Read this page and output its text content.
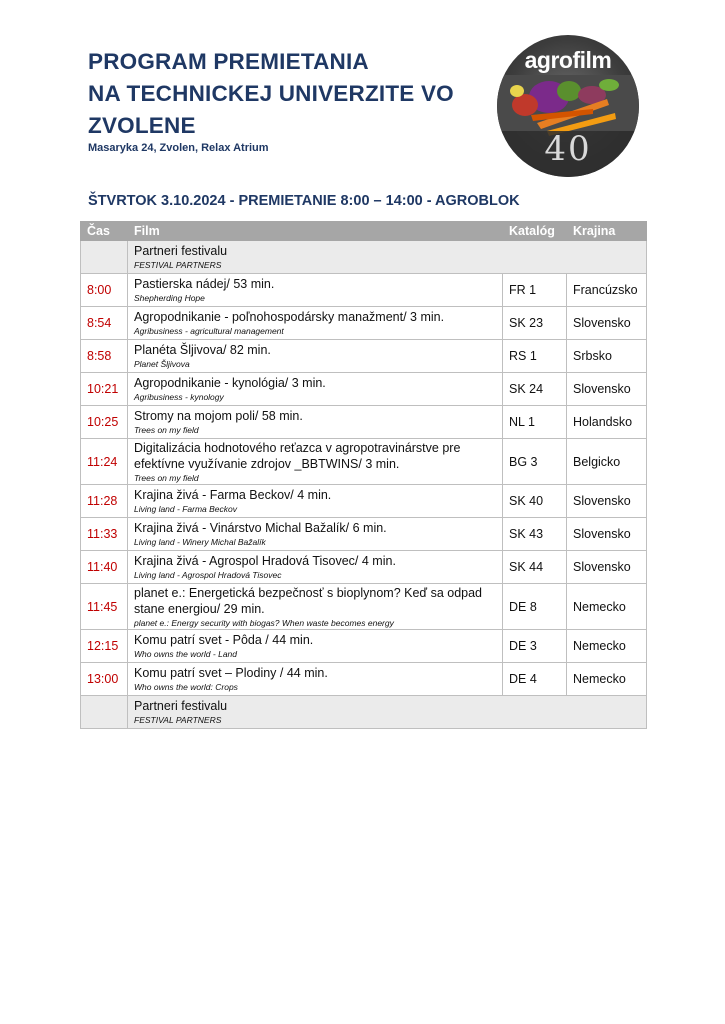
PROGRAM PREMIETANIA
NA TECHNICKEJ UNIVERZITE VO
ZVOLENE
Masaryka 24, Zvolen, Relax Atrium
agrofilm
40
ŠTVRTOK 3.10.2024 - PREMIETANIE 8:00 – 14:00 - AGROBLOK
Čas	Film	Katalóg	Krajina

	Partneri festivalu
FESTIVAL PARTNERS		

8:00	Pastierska nádej/ 53 min.
Shepherding Hope	FR 1	Francúzsko
8:54	Agropodnikanie - poľnohospodársky manažment/ 3 min.
Agribusiness - agricultural management	SK 23	Slovensko
8:58	Planéta Šljivova/ 82 min.
Planet Šljivova	RS 1	Srbsko
10:21	Agropodnikanie - kynológia/ 3 min.
Agribusiness - kynology	SK 24	Slovensko
10:25	Stromy na mojom poli/ 58 min.
Trees on my field	NL 1	Holandsko
11:24	Digitalizácia hodnotového reťazca v agropotravinárstve pre efektívne využívanie zdrojov _BBTWINS/ 3 min.
Trees on my field	BG 3	Belgicko
11:28	Krajina živá - Farma Beckov/ 4 min.
Living land - Farma Beckov	SK 40	Slovensko
11:33	Krajina živá - Vinárstvo Michal Bažalík/ 6 min.
Living land - Winery Michal Bažalík	SK 43	Slovensko
11:40	Krajina živá - Agrospol Hradová Tisovec/ 4 min.
Living land - Agrospol Hradová Tisovec	SK 44	Slovensko
11:45	planet e.: Energetická bezpečnosť s bioplynom? Keď sa odpad stane energiou/ 29 min.
planet e.: Energy security with biogas? When waste becomes energy	DE 8	Nemecko
12:15	Komu patrí svet - Pôda / 44 min.
Who owns the world - Land	DE 3	Nemecko
13:00	Komu patrí svet – Plodiny / 44 min.
Who owns the world: Crops	DE 4	Nemecko

	Partneri festivalu
FESTIVAL PARTNERS		
